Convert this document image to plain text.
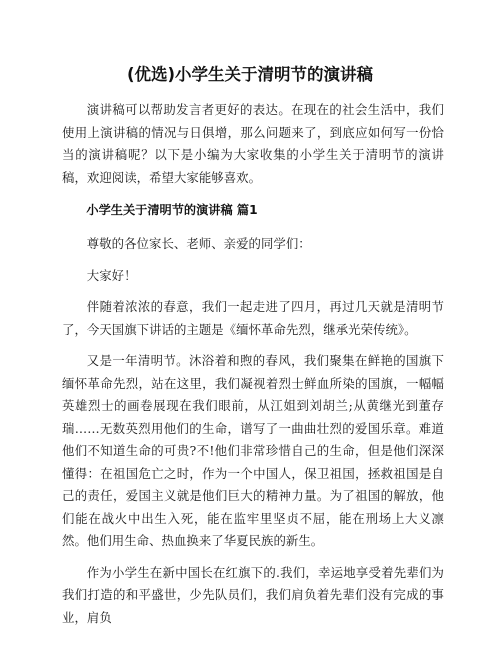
(优选)小学生关于清明节的演讲稿

演讲稿可以帮助发言者更好的表达。在现在的社会生活中，我们使用上演讲稿的情况与日俱增，那么问题来了，到底应如何写一份恰当的演讲稿呢？以下是小编为大家收集的小学生关于清明节的演讲稿，欢迎阅读，希望大家能够喜欢。

小学生关于清明节的演讲稿 篇1

尊敬的各位家长、老师、亲爱的同学们：

大家好！

伴随着浓浓的春意，我们一起走进了四月，再过几天就是清明节了，今天国旗下讲话的主题是《缅怀革命先烈，继承光荣传统》。

又是一年清明节。沐浴着和煦的春风，我们聚集在鲜艳的国旗下缅怀革命先烈，站在这里，我们凝视着烈士鲜血所染的国旗，一幅幅英雄烈士的画卷展现在我们眼前，从江姐到刘胡兰;从黄继光到董存瑞……无数英烈用他们的生命，谱写了一曲曲壮烈的爱国乐章。难道他们不知道生命的可贵?不!他们非常珍惜自己的生命，但是他们深深懂得：在祖国危亡之时，作为一个中国人，保卫祖国，拯救祖国是自己的责任，爱国主义就是他们巨大的精神力量。为了祖国的解放，他们能在战火中出生入死，能在监牢里坚贞不屈，能在刑场上大义凛然。他们用生命、热血换来了华夏民族的新生。

作为小学生在新中国长在红旗下的.我们，幸运地享受着先辈们为我们打造的和平盛世，少先队员们，我们肩负着先辈们没有完成的事业，肩负
